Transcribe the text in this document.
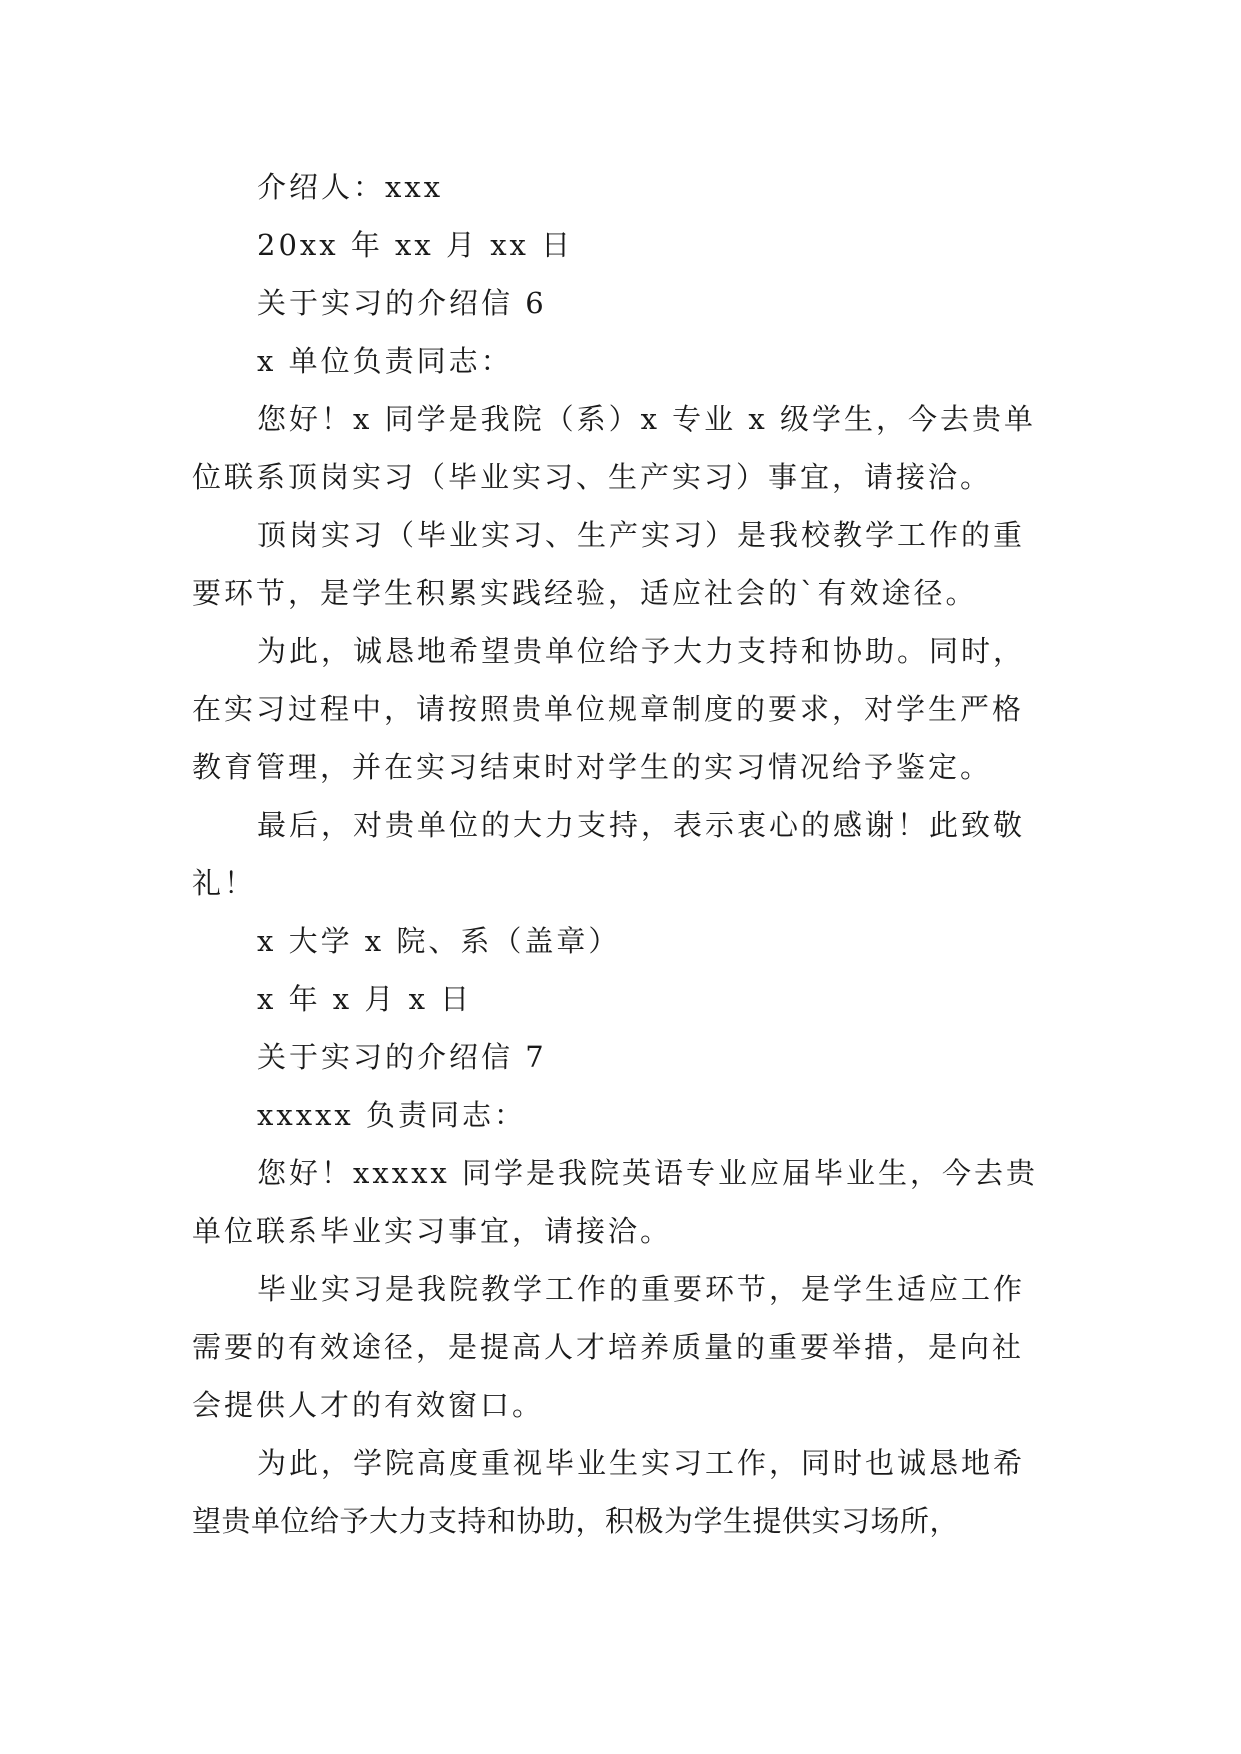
介绍人：xxx
20xx 年 xx 月 xx 日
关于实习的介绍信 6
x 单位负责同志：
您好！x 同学是我院（系）x 专业 x 级学生，今去贵单
位联系顶岗实习（毕业实习、生产实习）事宜，请接洽。
顶岗实习（毕业实习、生产实习）是我校教学工作的重
要环节，是学生积累实践经验，适应社会的`有效途径。
为此，诚恳地希望贵单位给予大力支持和协助。同时，
在实习过程中，请按照贵单位规章制度的要求，对学生严格
教育管理，并在实习结束时对学生的实习情况给予鉴定。
最后，对贵单位的大力支持，表示衷心的感谢！此致敬
礼！
x 大学 x 院、系（盖章）
x 年 x 月 x 日
关于实习的介绍信 7
xxxxx 负责同志：
您好！xxxxx 同学是我院英语专业应届毕业生，今去贵
单位联系毕业实习事宜，请接洽。
毕业实习是我院教学工作的重要环节，是学生适应工作
需要的有效途径，是提高人才培养质量的重要举措，是向社
会提供人才的有效窗口。
为此，学院高度重视毕业生实习工作，同时也诚恳地希
望贵单位给予大力支持和协助，积极为学生提供实习场所，
